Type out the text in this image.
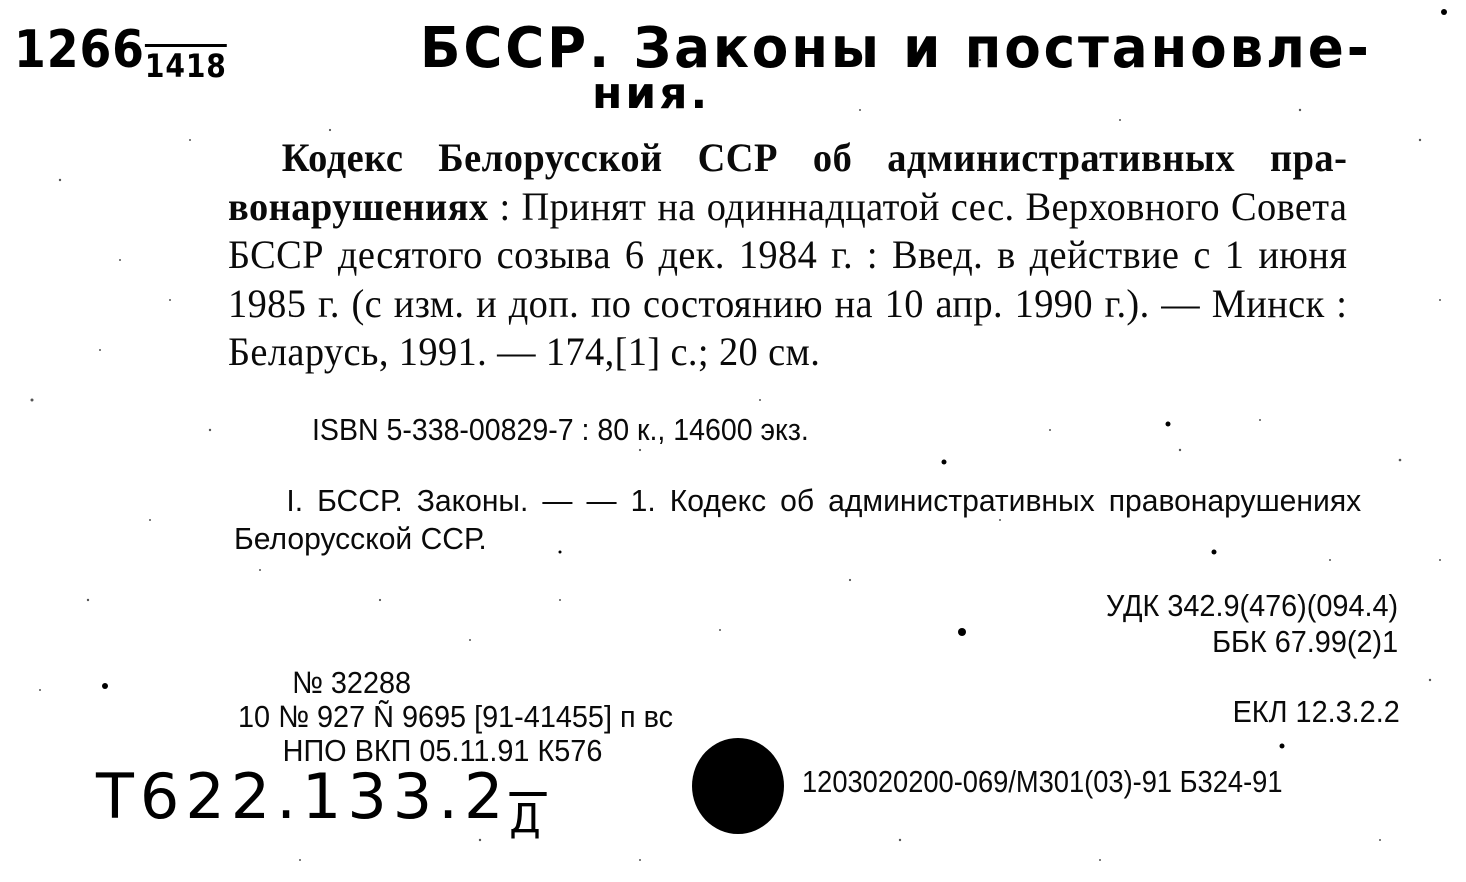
$1266_{1418}$	БССР. Законы и постановле-
ния.
Кодекс Белорусской ССР об административных пра-вонарушениях : Принят на одиннадцатой сес. Верховного Совета БССР десятого созыва 6 дек. 1984 г. : Введ. в действие с 1 июня 1985 г. (с изм. и доп. по состоянию на 10 апр. 1990 г.). — Минск : Беларусь, 1991. — 174,[1] с.; 20 см.
ISBN 5-338-00829-7 : 80 к., 14600 экз.
I. БССР. Законы. — — 1. Кодекс об административных правонарушениях Белорусской ССР.
УДК 342.9(476)(094.4)
ББК 67.99(2)1
ЕКЛ 12.3.2.2
№ 32288
10 № 927 Ñ 9695 [91-41455] п вс
НПО ВКП 05.11.91 К576
1203020200-069/М301(03)-91 Б324-91
$Т622.133.2_Д$
